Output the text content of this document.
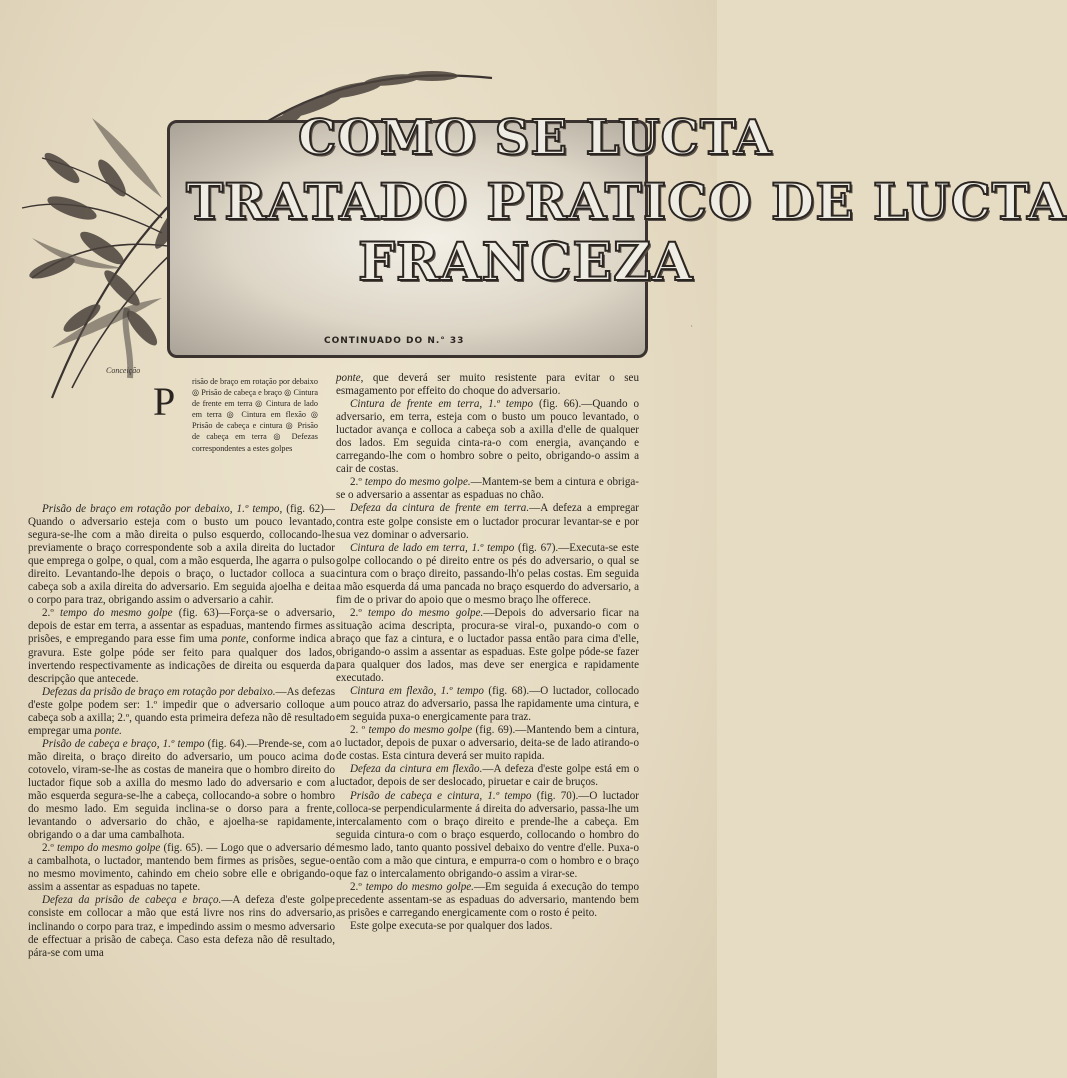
COMO SE LUCTA
TRATADO PRATICO DE LUCTA
FRANCEZA
CONTINUADO DO N.° 33
Conceição
·
P risão de braço em rotação por debaixo ◎ Prisão de cabeça e braço ◎ Cintura de frente em terra ◎ Cintura de lado em terra ◎ Cintura em flexão ◎ Prisão de cabeça e cintura ◎ Prisão de cabeça em terra ◎ Defezas correspondentes a estes golpes

Prisão de braço em rotação por debaixo, 1.º tempo, (fig. 62)—Quando o adversario esteja com o busto um pouco levantado, segura-se-lhe com a mão direita o pulso esquerdo, collocando-lhe previamente o braço correspondente sob a axila direita do luctador que emprega o golpe, o qual, com a mão esquerda, lhe agarra o pulso direito. Levantando-lhe depois o braço, o luctador colloca a sua cabeça sob a axila direita do adversario. Em seguida ajoelha e deita o corpo para traz, obrigando assim o adversario a cahir.

2.º tempo do mesmo golpe (fig. 63)—Força-se o adversario, depois de estar em terra, a assentar as espaduas, mantendo firmes as prisões, e empregando para esse fim uma ponte, conforme indica a gravura. Este golpe póde ser feito para qualquer dos lados, invertendo respectivamente as indicações de direita ou esquerda da descripção que antecede.

Defezas da prisão de braço em rotação por debaixo.—As defezas d'este golpe podem ser: 1.º impedir que o adversario colloque a cabeça sob a axilla; 2.º, quando esta primeira defeza não dê resultado empregar uma ponte.

Prisão de cabeça e braço, 1.º tempo (fig. 64).—Prende-se, com a mão direita, o braço direito do adversario, um pouco acima do cotovelo, viram-se-lhe as costas de maneira que o hombro direito do luctador fique sob a axilla do mesmo lado do adversario e com a mão esquerda segura-se-lhe a cabeça, collocando-a sobre o hombro do mesmo lado. Em seguida inclina-se o dorso para a frente, levantando o adversario do chão, e ajoelha-se rapidamente, obrigando o a dar uma cambalhota.

2.º tempo do mesmo golpe (fig. 65). — Logo que o adversario dé a cambalhota, o luctador, mantendo bem firmes as prisões, segue-o no mesmo movimento, cahindo em cheio sobre elle e obrigando-o assim a assentar as espaduas no tapete.

Defeza da prisão de cabeça e braço.—A defeza d'este golpe consiste em collocar a mão que está livre nos rins do adversario, inclinando o corpo para traz, e impedindo assim o mesmo adversario de effectuar a prisão de cabeça. Caso esta defeza não dê resultado, pára-se com uma

ponte, que deverá ser muito resistente para evitar o seu esmagamento por effeito do choque do adversario.

Cintura de frente em terra, 1.º tempo (fig. 66).—Quando o adversario, em terra, esteja com o busto um pouco levantado, o luctador avança e colloca a cabeça sob a axilla d'elle de qualquer dos lados. Em seguida cinta-ra-o com energia, avançando e carregando-lhe com o hombro sobre o peito, obrigando-o assim a cair de costas.

2.º tempo do mesmo golpe.—Mantem-se bem a cintura e obriga-se o adversario a assentar as espaduas no chão.

Defeza da cintura de frente em terra.—A defeza a empregar contra este golpe consiste em o luctador procurar levantar-se e por sua vez dominar o adversario.

Cintura de lado em terra, 1.º tempo (fig. 67).—Executa-se este golpe collocando o pé direito entre os pés do adversario, o qual se cintura com o braço direito, passando-lh'o pelas costas. Em seguida a mão esquerda dá uma pancada no braço esquerdo do adversario, a fim de o privar do apoio que o mesmo braço lhe offerece.

2.º tempo do mesmo golpe.—Depois do adversario ficar na situação acima descripta, procura-se viral-o, puxando-o com o braço que faz a cintura, e o luctador passa então para cima d'elle, obrigando-o assim a assentar as espaduas. Este golpe póde-se fazer para qualquer dos lados, mas deve ser energica e rapidamente executado.

Cintura em flexão, 1.º tempo (fig. 68).—O luctador, collocado um pouco atraz do adversario, passa lhe rapidamente uma cintura, e em seguida puxa-o energicamente para traz.

2. º tempo do mesmo golpe (fig. 69).—Mantendo bem a cintura, o luctador, depois de puxar o adversario, deita-se de lado atirando-o de costas. Esta cintura deverá ser muito rapida.

Defeza da cintura em flexão.—A defeza d'este golpe está em o luctador, depois de ser deslocado, piruetar e cair de bruços.

Prisão de cabeça e cintura, 1.º tempo (fig. 70).—O luctador colloca-se perpendicularmente á direita do adversario, passa-lhe um intercalamento com o braço direito e prende-lhe a cabeça. Em seguida cintura-o com o braço esquerdo, collocando o hombro do mesmo lado, tanto quanto possivel debaixo do ventre d'elle. Puxa-o então com a mão que cintura, e empurra-o com o hombro e o braço que faz o intercalamento obrigando-o assim a virar-se.

2.º tempo do mesmo golpe.—Em seguida á execução do tempo precedente assentam-se as espaduas do adversario, mantendo bem as prisões e carregando energicamente com o rosto é peito.

Este golpe executa-se por qualquer dos lados.
